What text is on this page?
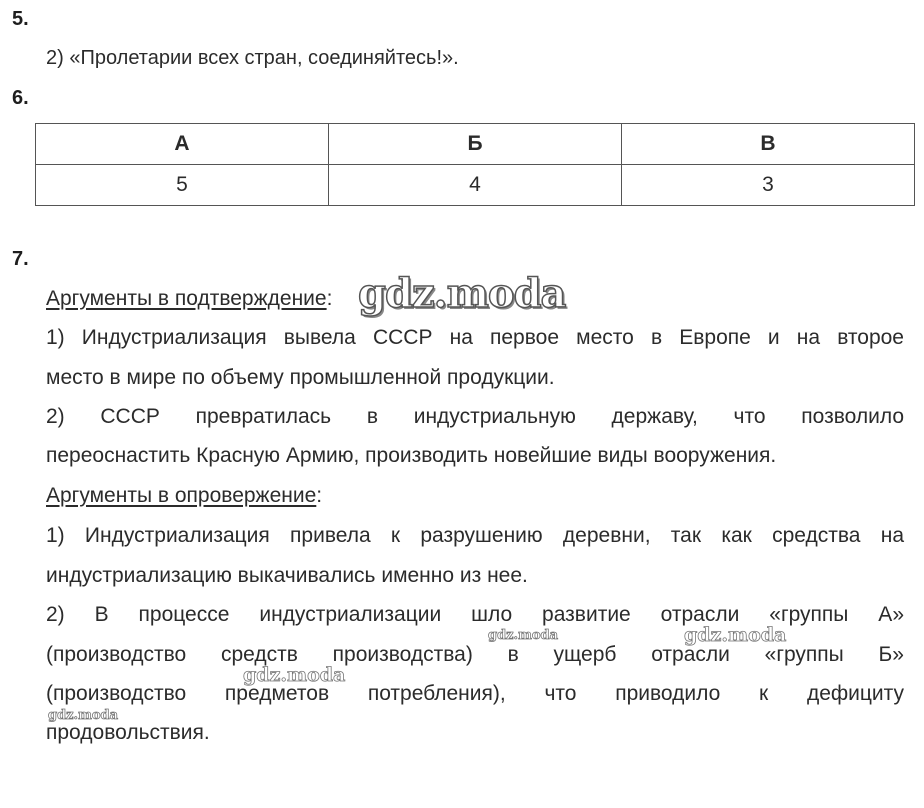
5.
2) «Пролетарии всех стран, соединяйтесь!».
6.
А	Б	В
5	4	3
7.
Аргументы в подтверждение:
1) Индустриализация вывела СССР на первое место в Европе и на второе
место в мире по объему промышленной продукции.
2) СССР превратилась в индустриальную державу, что позволило
переоснастить Красную Армию, производить новейшие виды вооружения.
Аргументы в опровержение:
1) Индустриализация привела к разрушению деревни, так как средства на
индустриализацию выкачивались именно из нее.
2) В процессе индустриализации шло развитие отрасли «группы А»
(производство средств производства) в ущерб отрасли «группы Б»
(производство предметов потребления), что приводило к дефициту
продовольствия.
gdz.moda
gdz.moda	gdz.moda
gdz.moda
gdz.moda
